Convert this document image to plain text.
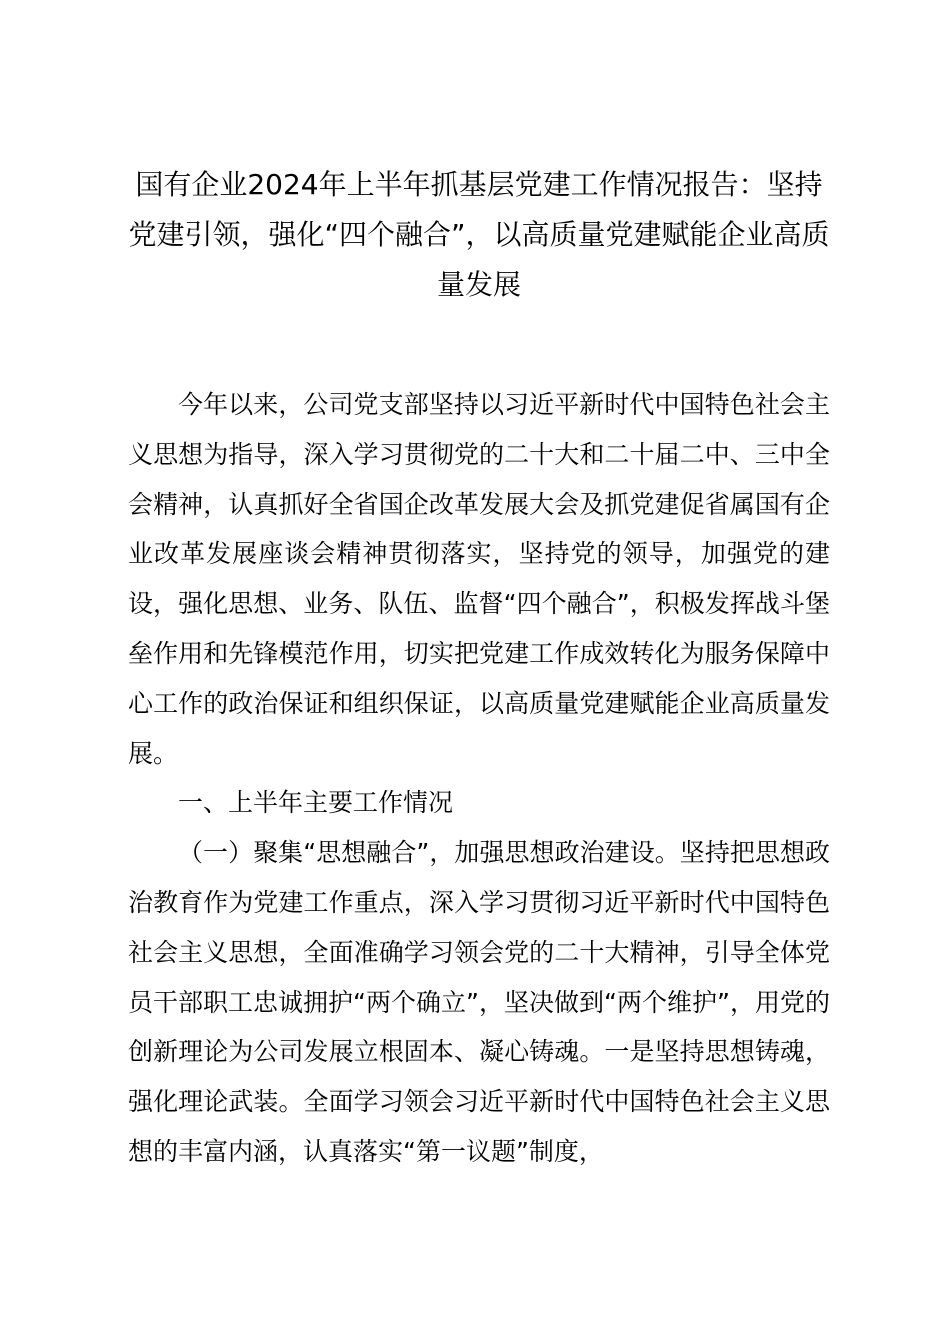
国有企业2024年上半年抓基层党建工作情况报告：坚持党建引领，强化“四个融合”，以高质量党建赋能企业高质量发展

今年以来，公司党支部坚持以习近平新时代中国特色社会主义思想为指导，深入学习贯彻党的二十大和二十届二中、三中全会精神，认真抓好全省国企改革发展大会及抓党建促省属国有企业改革发展座谈会精神贯彻落实，坚持党的领导，加强党的建设，强化思想、业务、队伍、监督“四个融合”，积极发挥战斗堡垒作用和先锋模范作用，切实把党建工作成效转化为服务保障中心工作的政治保证和组织保证，以高质量党建赋能企业高质量发展。

一、上半年主要工作情况

（一）聚集“思想融合”，加强思想政治建设。坚持把思想政治教育作为党建工作重点，深入学习贯彻习近平新时代中国特色社会主义思想，全面准确学习领会党的二十大精神，引导全体党员干部职工忠诚拥护“两个确立”，坚决做到“两个维护”，用党的创新理论为公司发展立根固本、凝心铸魂。一是坚持思想铸魂，强化理论武装。全面学习领会习近平新时代中国特色社会主义思想的丰富内涵，认真落实“第一议题”制度，
